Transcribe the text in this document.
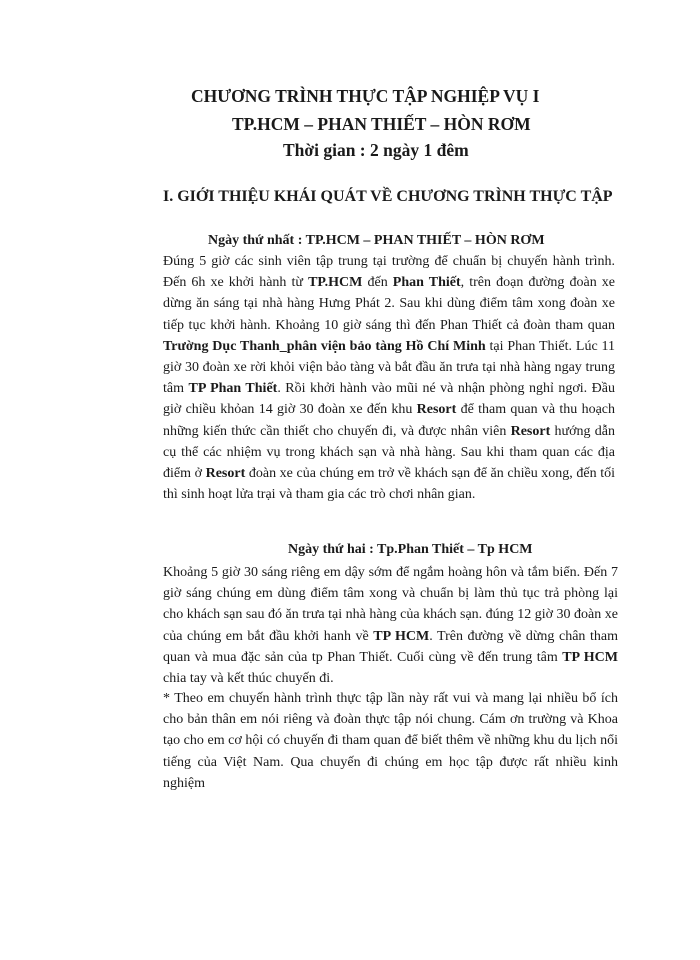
CHƯƠNG TRÌNH THỰC TẬP NGHIỆP VỤ I
TP.HCM – PHAN THIẾT – HÒN RƠM
Thời gian : 2 ngày 1 đêm
I. GIỚI THIỆU KHÁI QUÁT VỀ CHƯƠNG TRÌNH THỰC TẬP
Ngày thứ nhất : TP.HCM – PHAN THIẾT – HÒN RƠM

Đúng 5 giờ các sinh viên tập trung tại trường để chuẩn bị chuyến hành trình. Đến 6h xe khởi hành từ TP.HCM đến Phan Thiết, trên đoạn đường đoàn xe dừng ăn sáng tại nhà hàng Hưng Phát 2. Sau khi dùng điểm tâm xong đoàn xe tiếp tục khởi hành. Khoảng 10 giờ sáng thì đến Phan Thiết cả đoàn tham quan Trường Dục Thanh_phân viện bảo tàng Hồ Chí Minh tại Phan Thiết. Lúc 11 giờ 30 đoàn xe rời khỏi viện bảo tàng và bắt đầu ăn trưa tại nhà hàng ngay trung tâm TP Phan Thiết. Rồi khởi hành vào mũi né và nhận phòng nghỉ ngơi. Đầu giờ chiều khỏan 14 giờ 30 đoàn xe đến khu Resort để tham quan và thu hoạch những kiến thức cần thiết cho chuyến đi, và được nhân viên Resort hướng dẫn cụ thể các nhiệm vụ trong khách sạn và nhà hàng. Sau khi tham quan các địa điểm ở Resort đoàn xe của chúng em trở về khách sạn để ăn chiều xong, đến tối thì sinh hoạt lửa trại và tham gia các trò chơi nhân gian.

Ngày thứ hai : Tp.Phan Thiết – Tp HCM

Khoảng 5 giờ 30 sáng riêng em dậy sớm để ngắm hoàng hôn và tắm biển. Đến 7 giờ sáng chúng em dùng điểm tâm xong và chuẩn bị làm thủ tục trả phòng lại cho khách sạn sau đó ăn trưa tại nhà hàng của khách sạn. đúng 12 giờ 30 đoàn xe của chúng em bắt đầu khởi hanh về TP HCM. Trên đường về dừng chân tham quan và mua đặc sản của tp Phan Thiết. Cuối cùng về đến trung tâm TP HCM chia tay và kết thúc chuyến đi.

* Theo em chuyến hành trình thực tập lần này rất vui và mang lại nhiều bổ ích cho bản thân em nói riêng và đoàn thực tập nói chung. Cám ơn trường và Khoa tạo cho em cơ hội có chuyến đi tham quan để biết thêm về những khu du lịch nổi tiếng của Việt Nam. Qua chuyến đi chúng em học tập được rất nhiều kinh nghiệm
